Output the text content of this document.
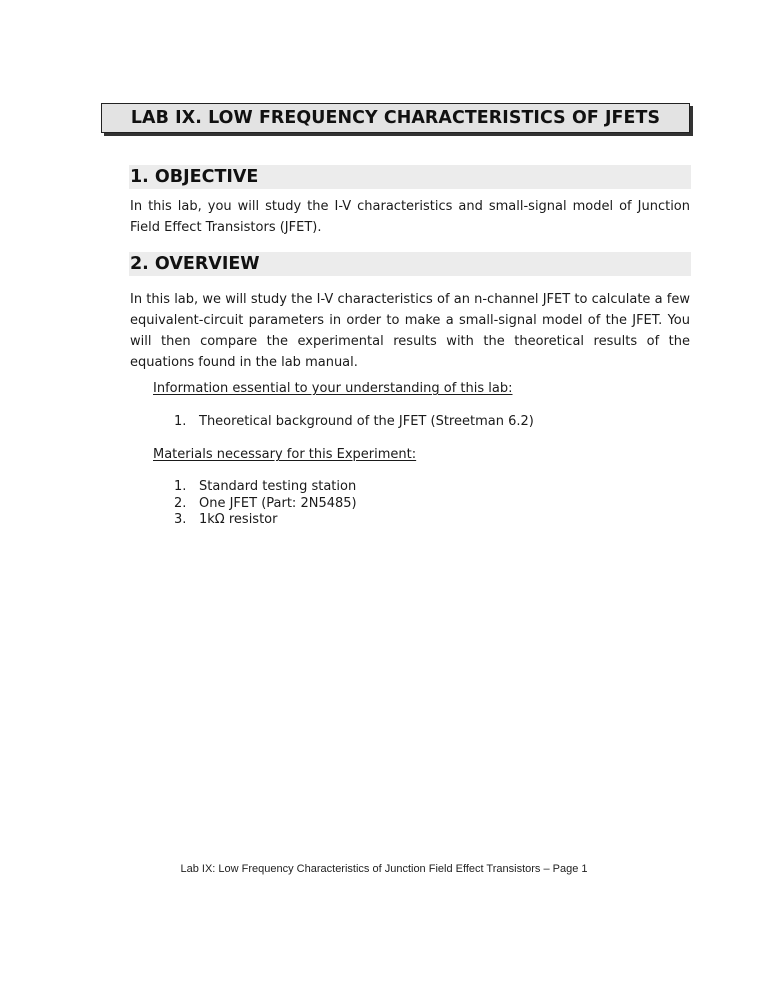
LAB IX. LOW FREQUENCY CHARACTERISTICS OF JFETS
1. OBJECTIVE

In this lab, you will study the I-V characteristics and small-signal model of Junction Field Effect Transistors (JFET).

2. OVERVIEW

In this lab, we will study the I-V characteristics of an n-channel JFET to calculate a few equivalent-circuit parameters in order to make a small-signal model of the JFET. You will then compare the experimental results with the theoretical results of the equations found in the lab manual.

Information essential to your understanding of this lab:
1. Theoretical background of the JFET (Streetman 6.2)
Materials necessary for this Experiment:
1. Standard testing station
2. One JFET (Part: 2N5485)
3. 1kΩ resistor
Lab IX: Low Frequency Characteristics of Junction Field Effect Transistors – Page 1
